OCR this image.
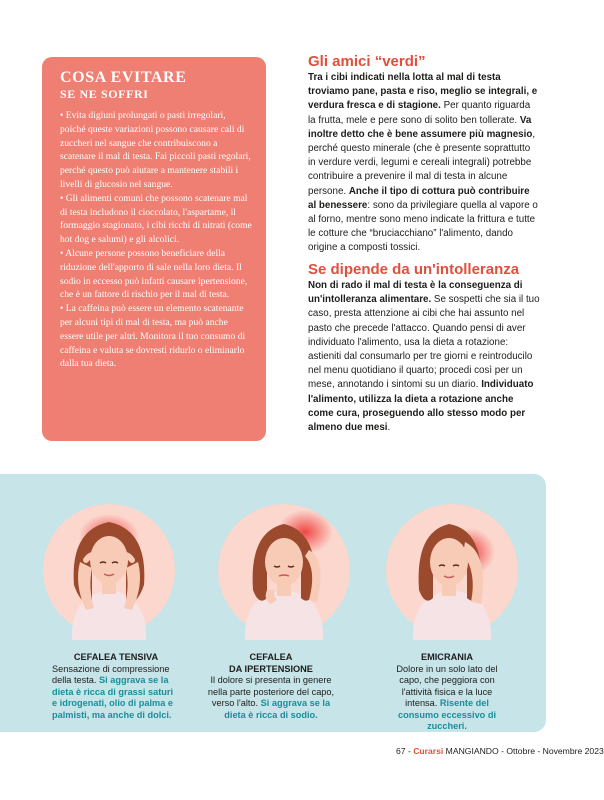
COSA EVITARE
SE NE SOFFRI

• Evita digiuni prolungati o pasti irregolari, poiché queste variazioni possono causare cali di zuccheri nel sangue che contribuiscono a scatenare il mal di testa. Fai piccoli pasti regolari, perché questo può aiutare a mantenere stabili i livelli di glucosio nel sangue.

• Gli alimenti comuni che possono scatenare mal di testa includono il cioccolato, l'aspartame, il formaggio stagionato, i cibi ricchi di nitrati (come hot dog e salumi) e gli alcolici.

• Alcune persone possono beneficiare della riduzione dell'apporto di sale nella loro dieta. Il sodio in eccesso può infatti causare ipertensione, che è un fattore di rischio per il mal di testa.

• La caffeina può essere un elemento scatenante per alcuni tipi di mal di testa, ma può anche essere utile per altri. Monitora il tuo consumo di caffeina e valuta se dovresti ridurlo o eliminarlo dalla tua dieta.

Gli amici “verdi”

Tra i cibi indicati nella lotta al mal di testa troviamo pane, pasta e riso, meglio se integrali, e verdura fresca e di stagione. Per quanto riguarda la frutta, mele e pere sono di solito ben tollerate. Va inoltre detto che è bene assumere più magnesio, perché questo minerale (che è presente soprattutto in verdure verdi, legumi e cereali integrali) potrebbe contribuire a prevenire il mal di testa in alcune persone. Anche il tipo di cottura può contribuire al benessere: sono da privilegiare quella al vapore o al forno, mentre sono meno indicate la frittura e tutte le cotture che “bruciacchiano” l'alimento, dando origine a composti tossici.

Se dipende da un'intolleranza

Non di rado il mal di testa è la conseguenza di un'intolleranza alimentare. Se sospetti che sia il tuo caso, presta attenzione ai cibi che hai assunto nel pasto che precede l'attacco. Quando pensi di aver individuato l'alimento, usa la dieta a rotazione: astieniti dal consumarlo per tre giorni e reintroducilo nel menu quotidiano il quarto; procedi così per un mese, annotando i sintomi su un diario. Individuato l'alimento, utilizza la dieta a rotazione anche come cura, proseguendo allo stesso modo per almeno due mesi.

CEFALEA TENSIVA
Sensazione di compressione della testa. Si aggrava se la dieta è ricca di grassi saturi e idrogenati, olio di palma e palmisti, ma anche di dolci.
CEFALEA
DA IPERTENSIONE
Il dolore si presenta in genere nella parte posteriore del capo, verso l'alto. Si aggrava se la dieta è ricca di sodio.
EMICRANIA
Dolore in un solo lato del capo, che peggiora con l'attività fisica e la luce intensa. Risente del consumo eccessivo di zuccheri.
67 - Curarsi MANGIANDO - Ottobre - Novembre 2023
